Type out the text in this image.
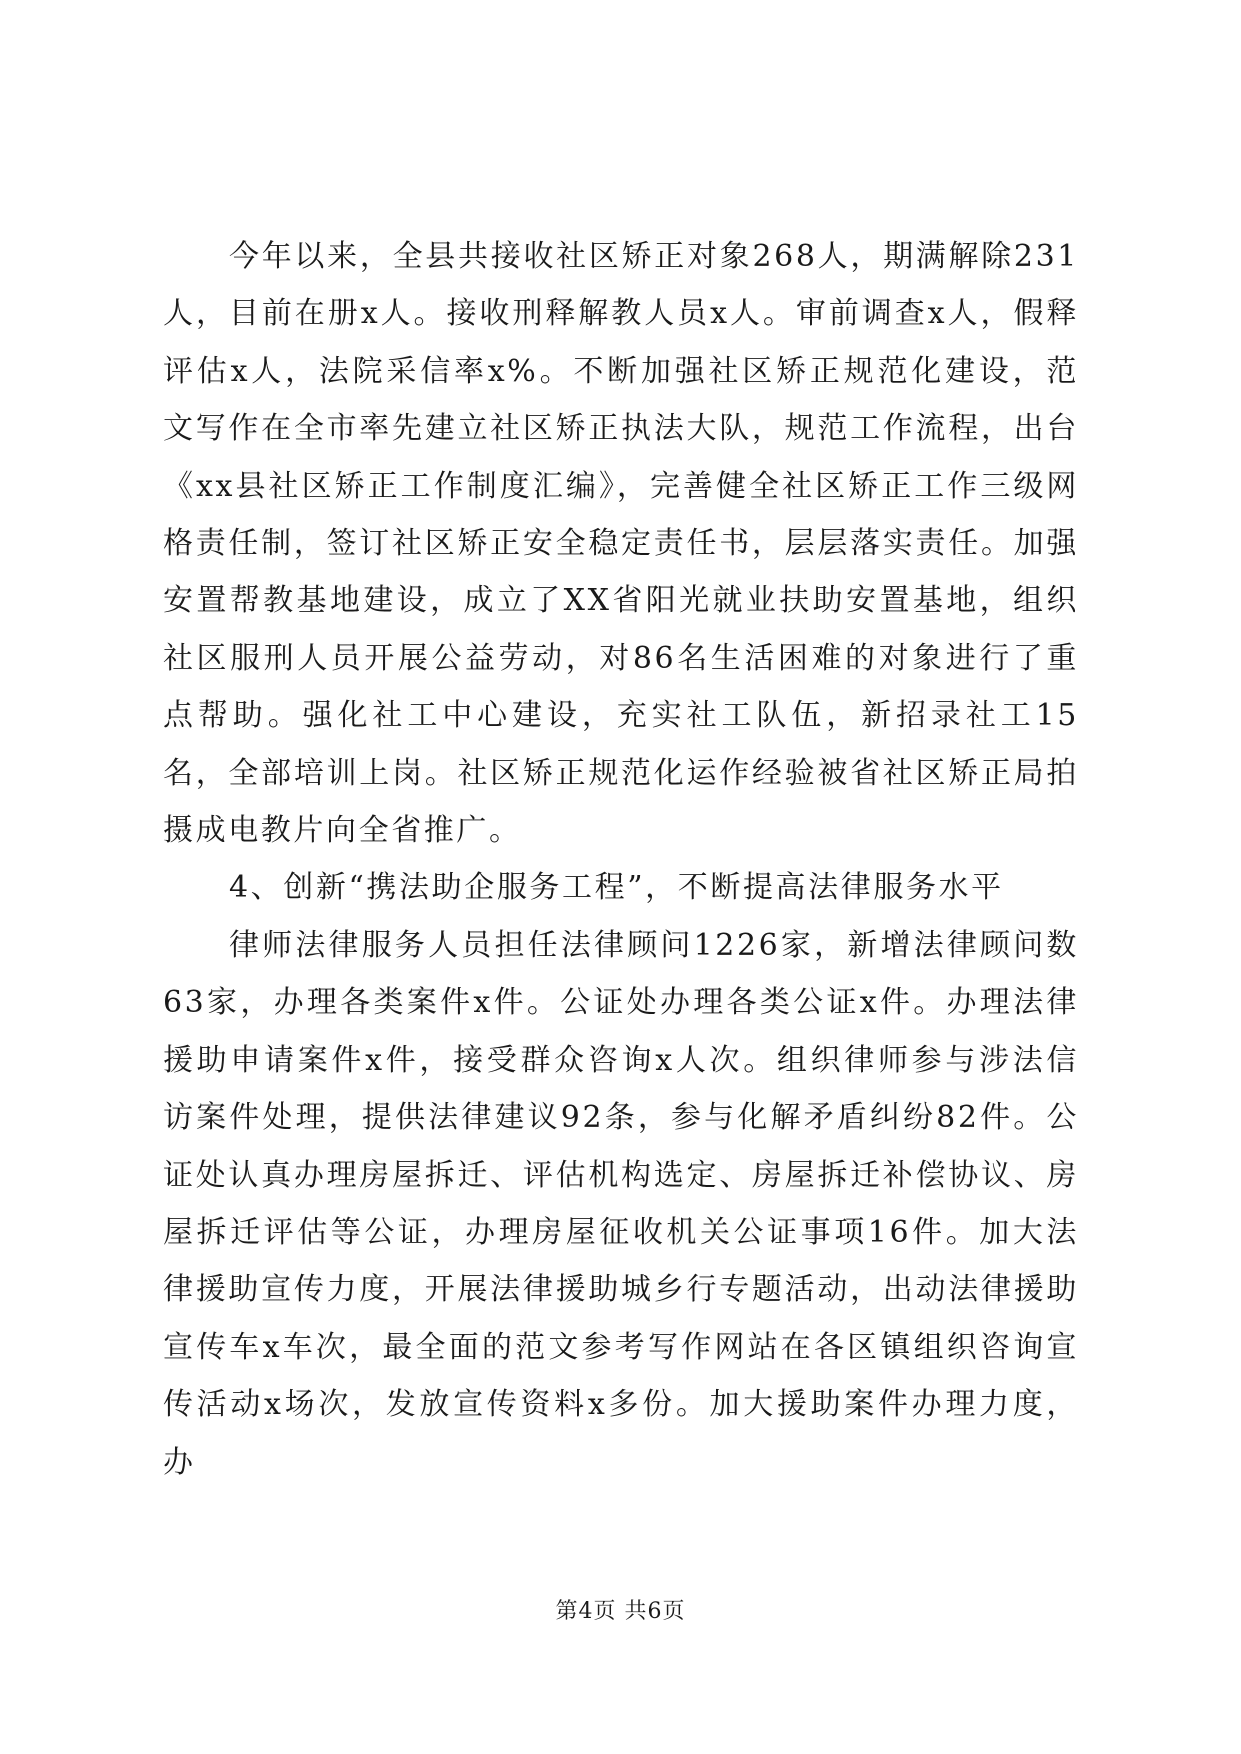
今年以来，全县共接收社区矫正对象268人，期满解除231人，目前在册x人。接收刑释解教人员x人。审前调查x人，假释评估x人，法院采信率x%。不断加强社区矫正规范化建设，范文写作在全市率先建立社区矫正执法大队，规范工作流程，出台《xx县社区矫正工作制度汇编》，完善健全社区矫正工作三级网格责任制，签订社区矫正安全稳定责任书，层层落实责任。加强安置帮教基地建设，成立了XX省阳光就业扶助安置基地，组织社区服刑人员开展公益劳动，对86名生活困难的对象进行了重点帮助。强化社工中心建设，充实社工队伍，新招录社工15名，全部培训上岗。社区矫正规范化运作经验被省社区矫正局拍摄成电教片向全省推广。

4、创新“携法助企服务工程”，不断提高法律服务水平

律师法律服务人员担任法律顾问1226家，新增法律顾问数63家，办理各类案件x件。公证处办理各类公证x件。办理法律援助申请案件x件，接受群众咨询x人次。组织律师参与涉法信访案件处理，提供法律建议92条，参与化解矛盾纠纷82件。公证处认真办理房屋拆迁、评估机构选定、房屋拆迁补偿协议、房屋拆迁评估等公证，办理房屋征收机关公证事项16件。加大法律援助宣传力度，开展法律援助城乡行专题活动，出动法律援助宣传车x车次，最全面的范文参考写作网站在各区镇组织咨询宣传活动x场次，发放宣传资料x多份。加大援助案件办理力度，办

第4页 共6页
